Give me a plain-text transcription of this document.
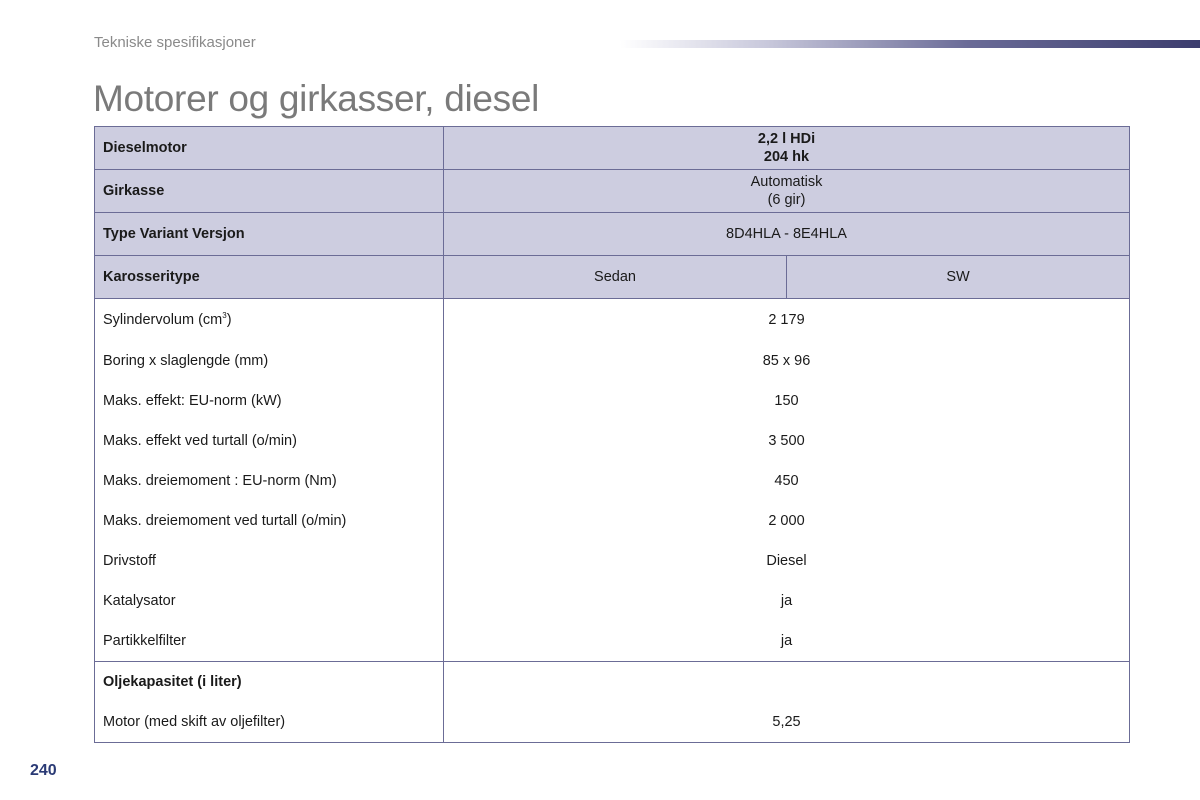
Tekniske spesifikasjoner
Motorer og girkasser, diesel
Dieselmotor	2,2 l HDi
204 hk	

Girkasse	Automatisk
(6 gir)	

Type Variant Versjon	8D4HLA - 8E4HLA	
Karosseritype	Sedan	SW
Sylindervolum $(cm^3)$	2 179	
Boring x slaglengde (mm)	85 x 96	
Maks. effekt: EU-norm (kW)	150	
Maks. effekt ved turtall (o/min)	3 500	
Maks. dreiemoment : EU-norm (Nm)	450	
Maks. dreiemoment ved turtall (o/min)	2 000	
Drivstoff	Diesel	
Katalysator	ja	
Partikkelfilter	ja	
Oljekapasitet (i liter)		
Motor (med skift av oljefilter)	5,25	
240
